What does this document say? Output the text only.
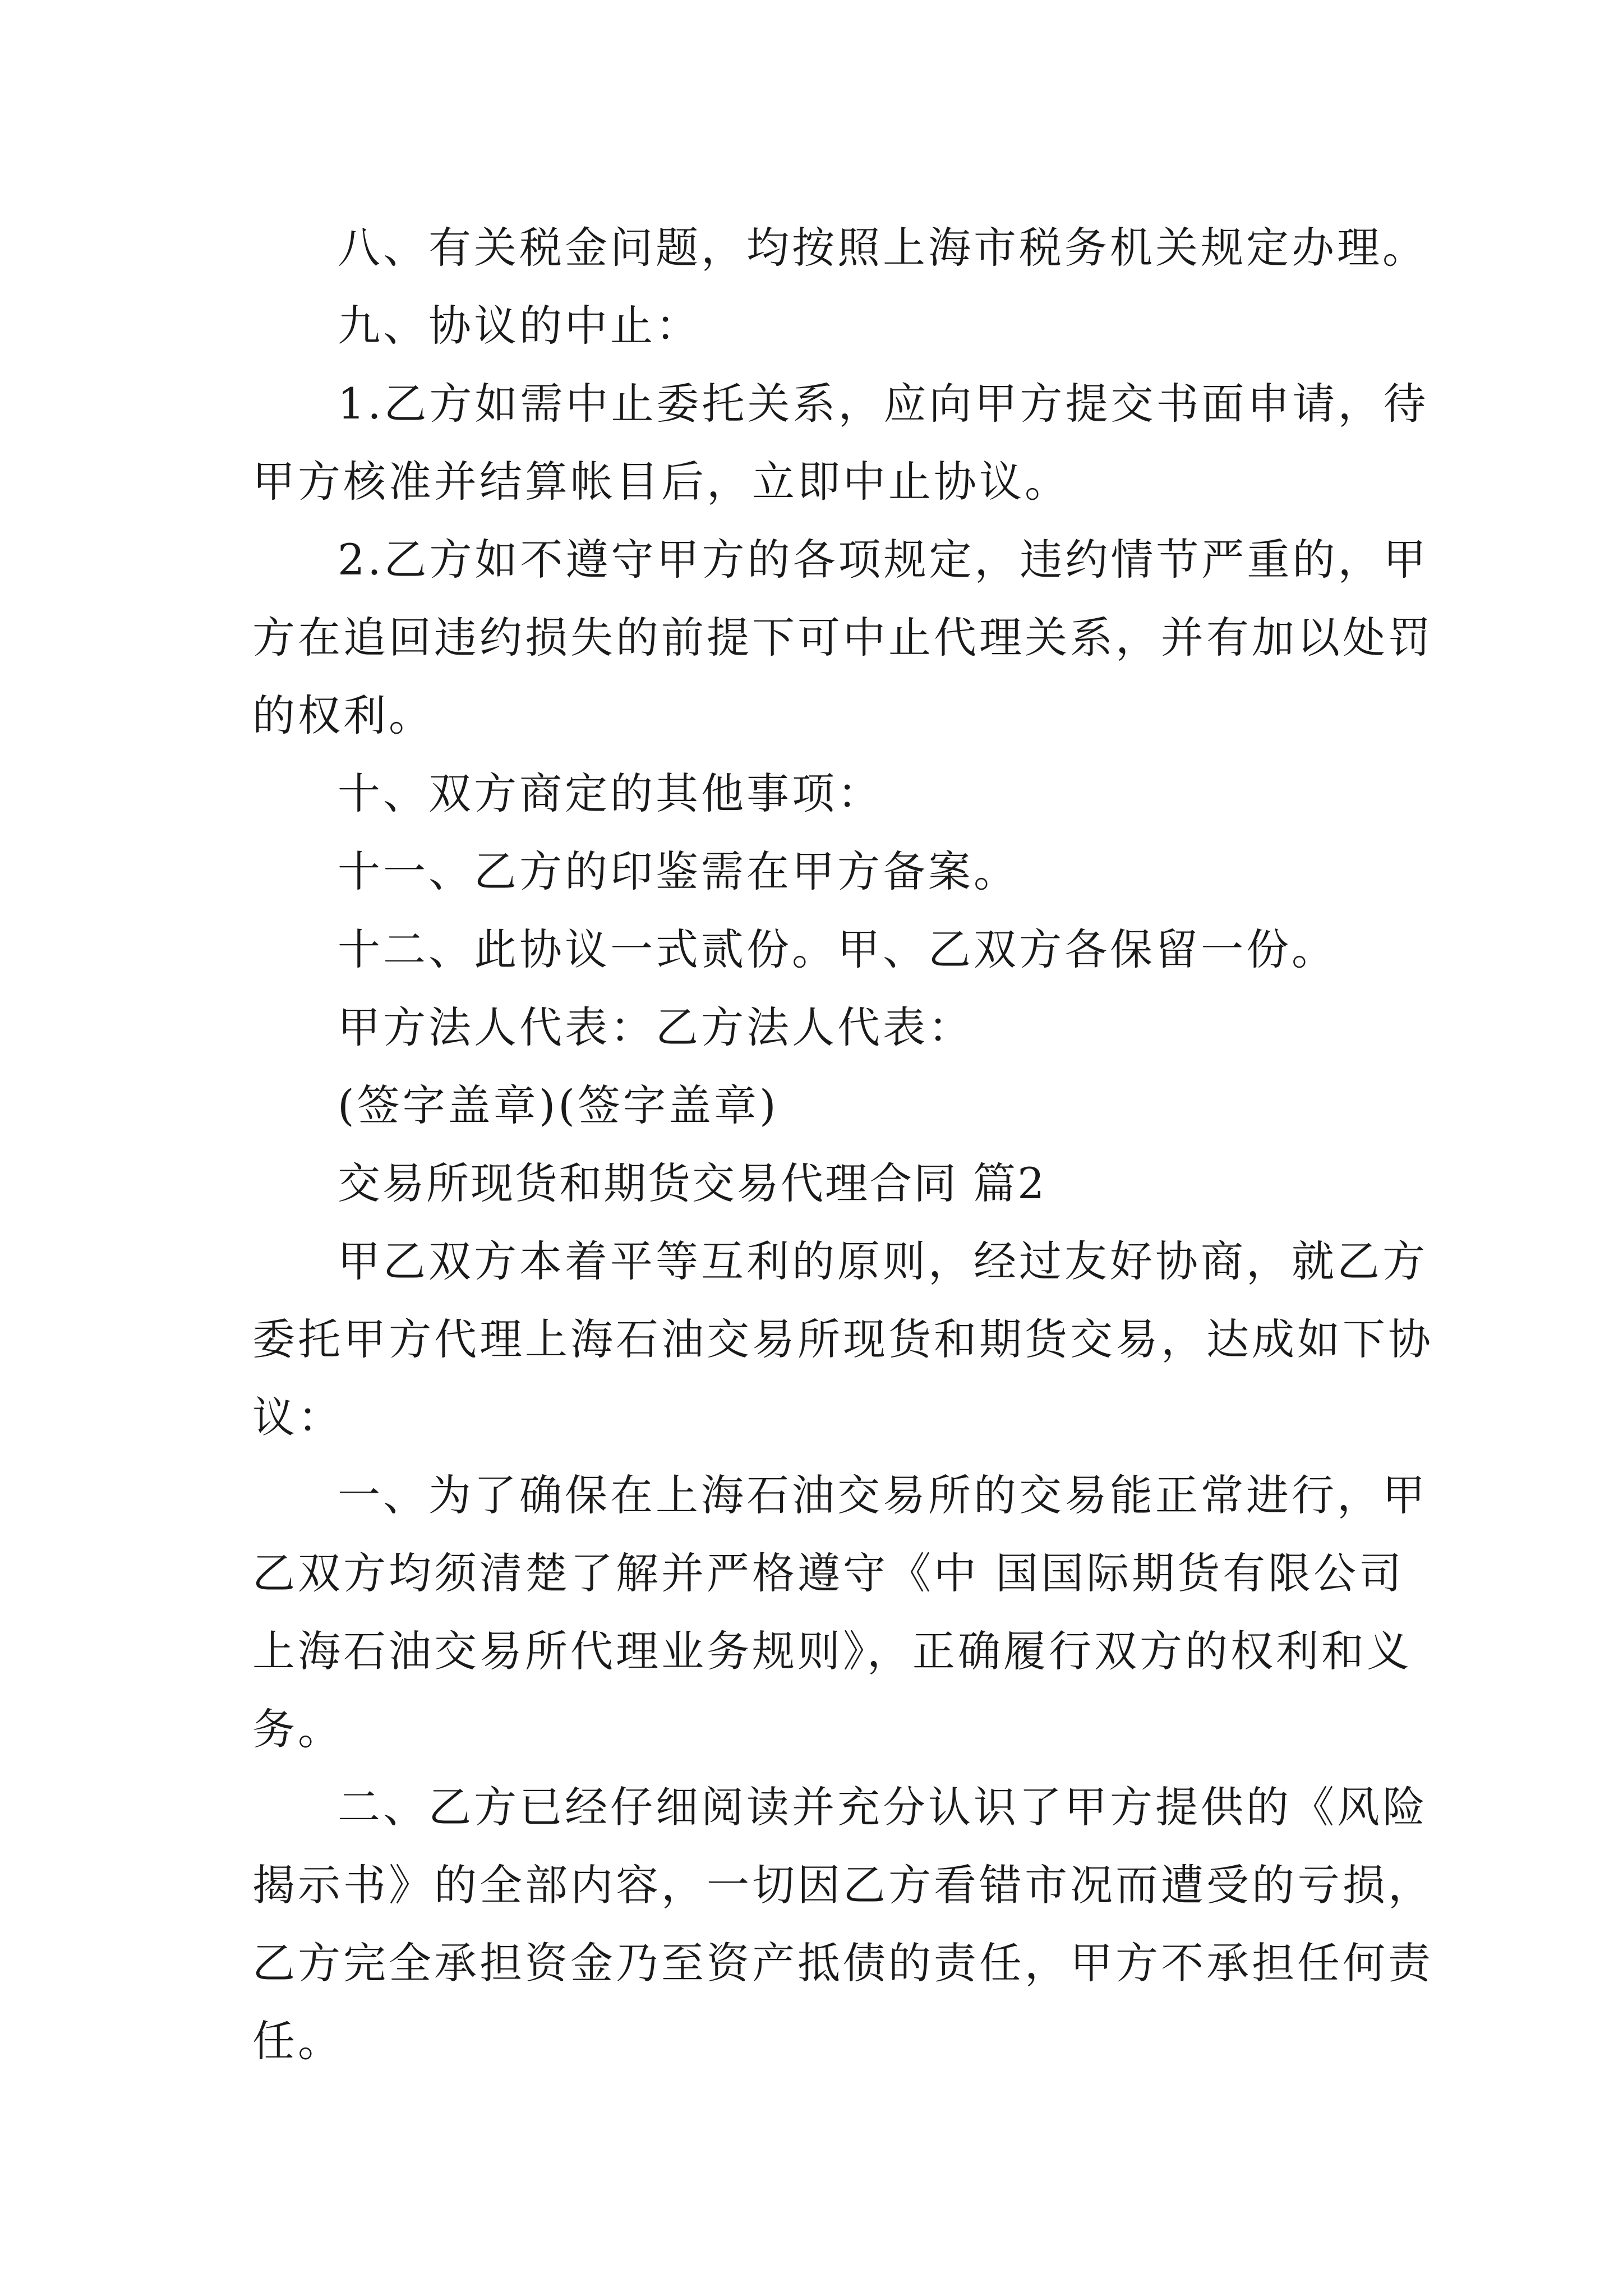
八、有关税金问题，均按照上海市税务机关规定办理。
九、协议的中止：
1.乙方如需中止委托关系，应向甲方提交书面申请，待
甲方核准并结算帐目后，立即中止协议。
2.乙方如不遵守甲方的各项规定，违约情节严重的，甲
方在追回违约损失的前提下可中止代理关系，并有加以处罚
的权利。
十、双方商定的其他事项：
十一、乙方的印鉴需在甲方备案。
十二、此协议一式贰份。甲、乙双方各保留一份。
甲方法人代表：乙方法人代表：
(签字盖章)(签字盖章)
交易所现货和期货交易代理合同 篇2
甲乙双方本着平等互利的原则，经过友好协商，就乙方
委托甲方代理上海石油交易所现货和期货交易，达成如下协
议：
一、为了确保在上海石油交易所的交易能正常进行，甲
乙双方均须清楚了解并严格遵守《中 国国际期货有限公司
上海石油交易所代理业务规则》，正确履行双方的权利和义
务。
二、乙方已经仔细阅读并充分认识了甲方提供的《风险
揭示书》的全部内容，一切因乙方看错市况而遭受的亏损，
乙方完全承担资金乃至资产抵债的责任，甲方不承担任何责
任。
